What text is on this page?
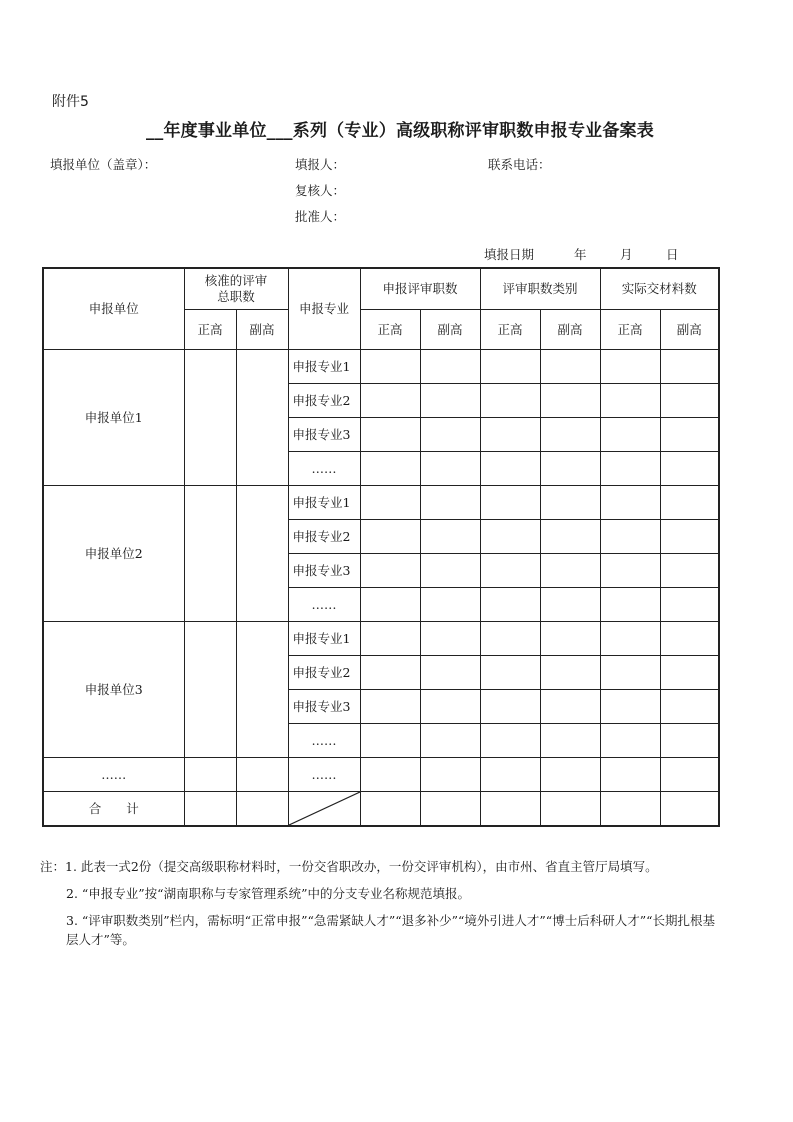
附件5
__年度事业单位___系列（专业）高级职称评审职数申报专业备案表
填报单位（盖章）：	填报人：	联系电话：
复核人：
批准人：
填报日期	年	月	日
申报单位	核准的评审总职数		申报专业	申报评审职数		评审职数类别		实际交材料数	
	正高	副高		正高	副高	正高	副高	正高	副高
申报单位1			申报专业1						
			申报专业2						
			申报专业3						
			……						
申报单位2			申报专业1						
			申报专业2						
			申报专业3						
			……						
申报单位3			申报专业1						
			申报专业2						
			申报专业3						
			……						
……			……						
合　　计			

注：1. 此表一式2份（提交高级职称材料时，一份交省职改办，一份交评审机构），由市州、省直主管厅局填写。
2. “申报专业”按“湖南职称与专家管理系统”中的分支专业名称规范填报。
3. “评审职数类别”栏内，需标明“正常申报”“急需紧缺人才”“退多补少”“境外引进人才”“博士后科研人才”“长期扎根基层人才”等。
